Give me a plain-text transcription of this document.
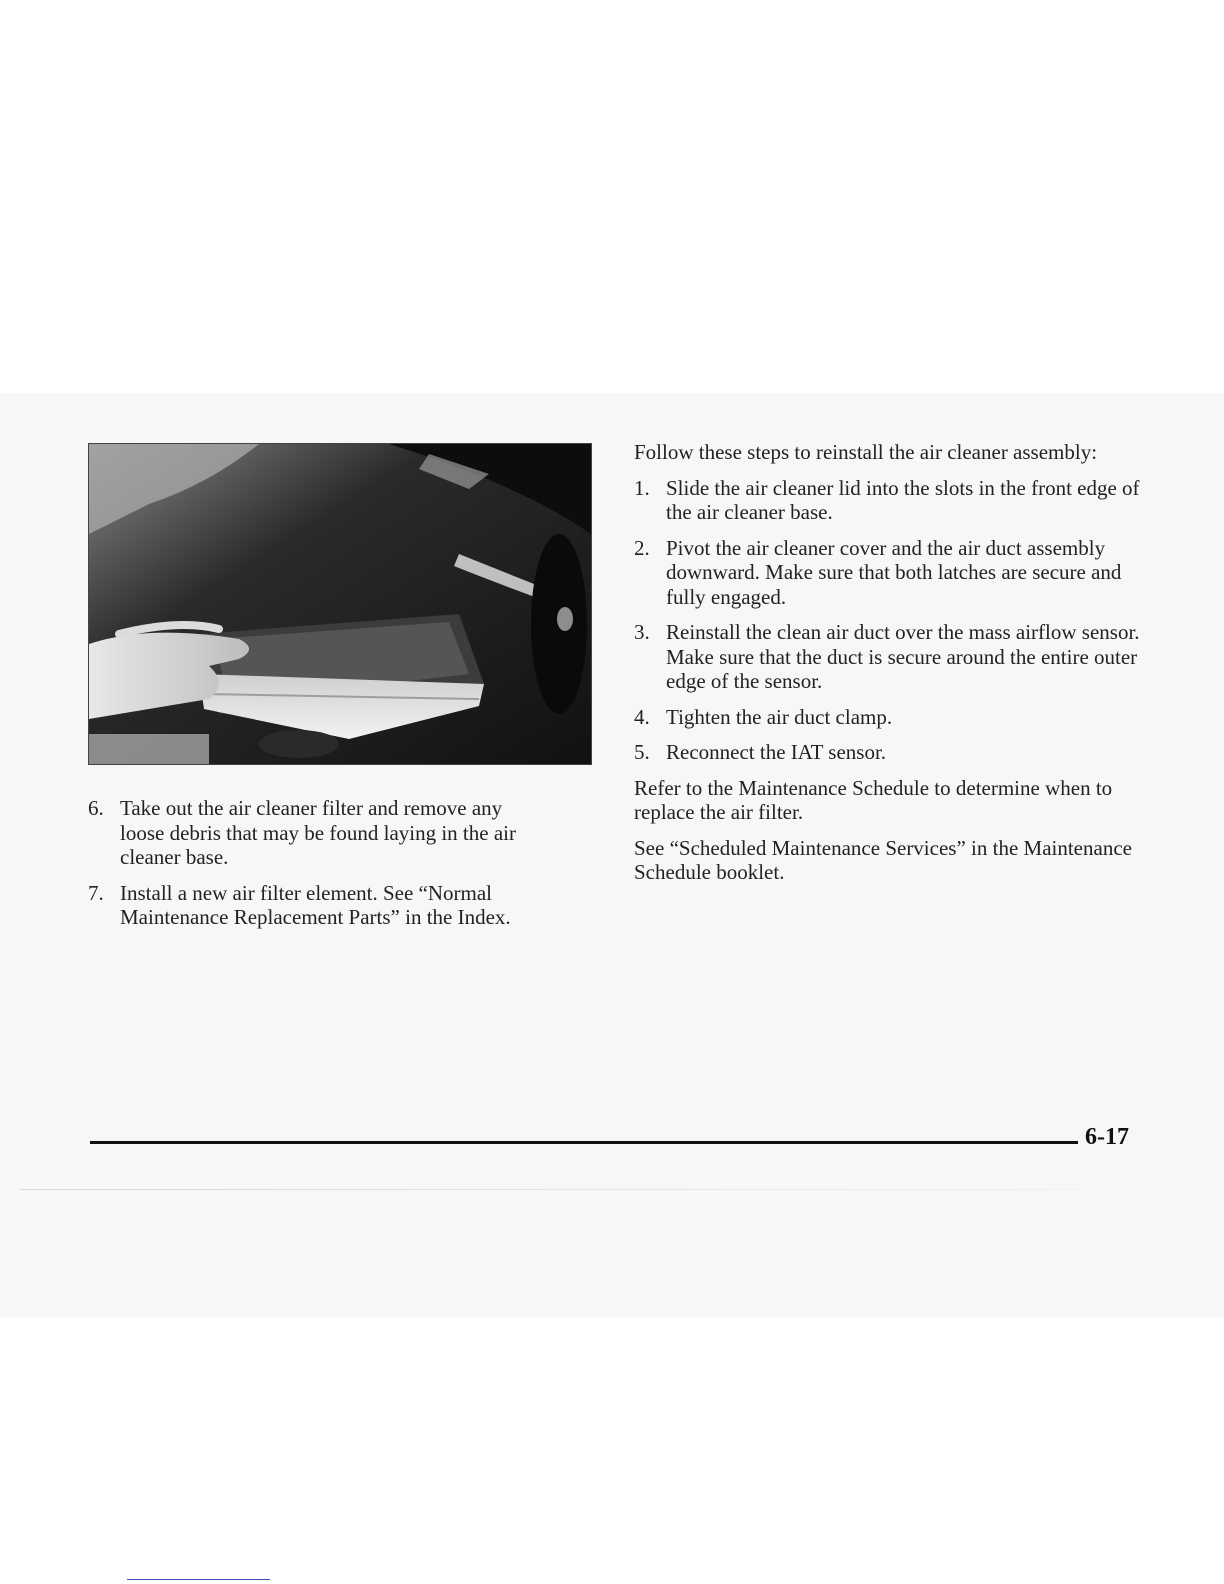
6. Take out the air cleaner filter and remove any loose debris that may be found laying in the air cleaner base.
7. Install a new air filter element. See “Normal Maintenance Replacement Parts” in the Index.

Follow these steps to reinstall the air cleaner assembly:

1. Slide the air cleaner lid into the slots in the front edge of the air cleaner base.
2. Pivot the air cleaner cover and the air duct assembly downward. Make sure that both latches are secure and fully engaged.
3. Reinstall the clean air duct over the mass airflow sensor. Make sure that the duct is secure around the entire outer edge of the sensor.
4. Tighten the air duct clamp.
5. Reconnect the IAT sensor.

Refer to the Maintenance Schedule to determine when to replace the air filter.

See “Scheduled Maintenance Services” in the Maintenance Schedule booklet.

6-17
